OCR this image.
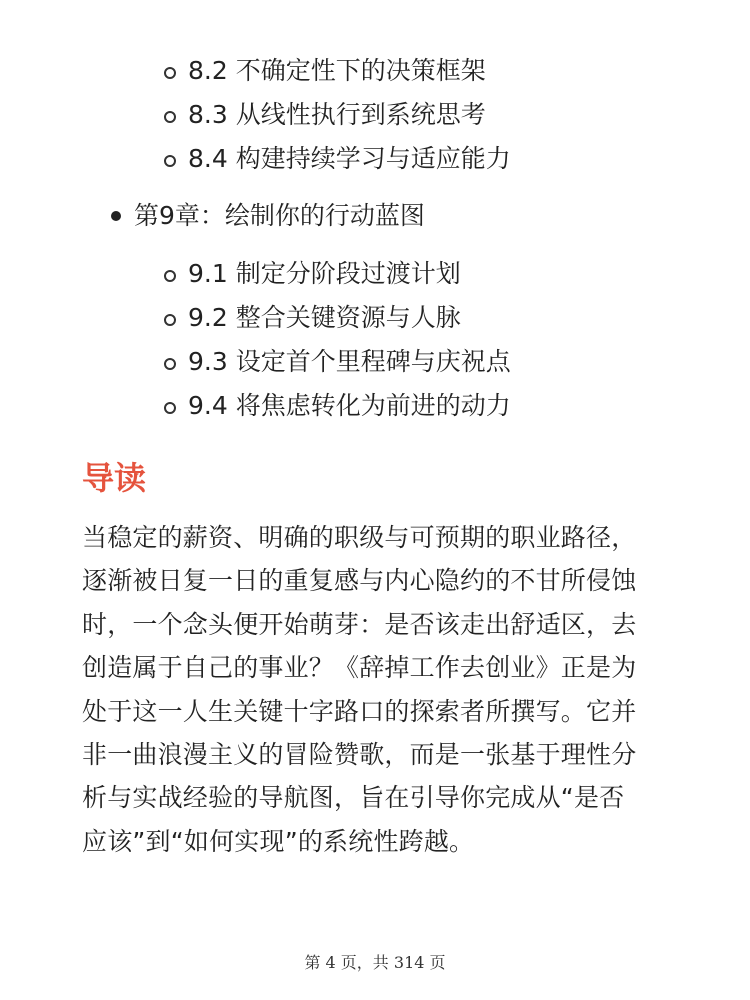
8.2 不确定性下的决策框架
8.3 从线性执行到系统思考
8.4 构建持续学习与适应能力
第9章：绘制你的行动蓝图
9.1 制定分阶段过渡计划
9.2 整合关键资源与人脉
9.3 设定首个里程碑与庆祝点
9.4 将焦虑转化为前进的动力
导读

当稳定的薪资、明确的职级与可预期的职业路径，
逐渐被日复一日的重复感与内心隐约的不甘所侵蚀
时，一个念头便开始萌芽：是否该走出舒适区，去
创造属于自己的事业？《辞掉工作去创业》正是为
处于这一人生关键十字路口的探索者所撰写。它并
非一曲浪漫主义的冒险赞歌，而是一张基于理性分
析与实战经验的导航图，旨在引导你完成从“是否
应该”到“如何实现”的系统性跨越。

第 4 页，共 314 页
